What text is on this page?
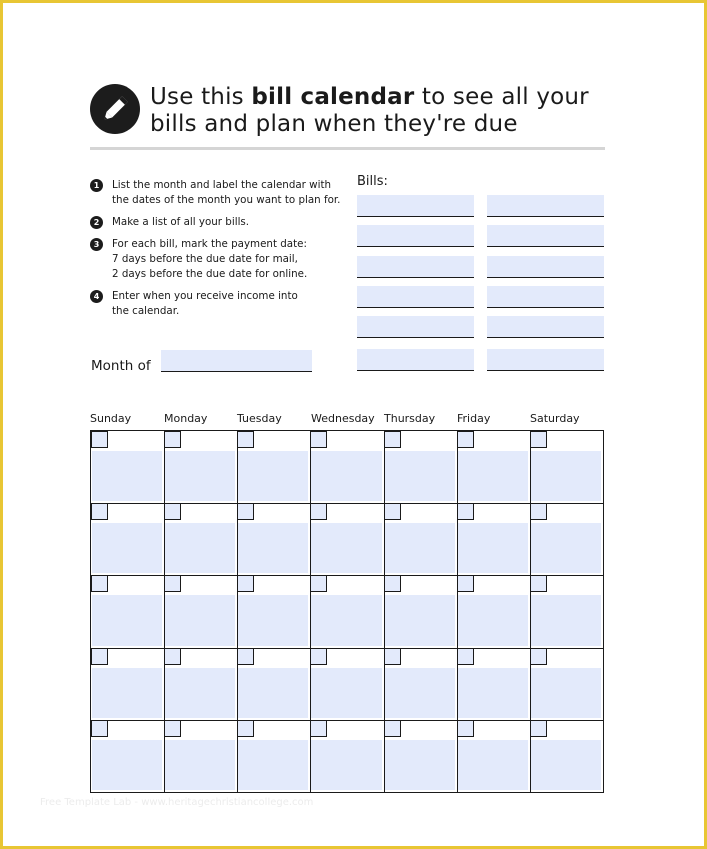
Use this bill calendar to see all your
bills and plan when they're due
1	List the month and label the calendar with

the dates of the month you want to plan for.

2	Make a list of all your bills.

3	For each bill, mark the payment date:

7 days before the due date for mail,

2 days before the due date for online.

4	Enter when you receive income into

the calendar.

Bills:
Month of
Sunday	Monday	Tuesday	Wednesday Thursday Friday	Saturday
Free Template Lab - www.heritagechristiancollege.com
